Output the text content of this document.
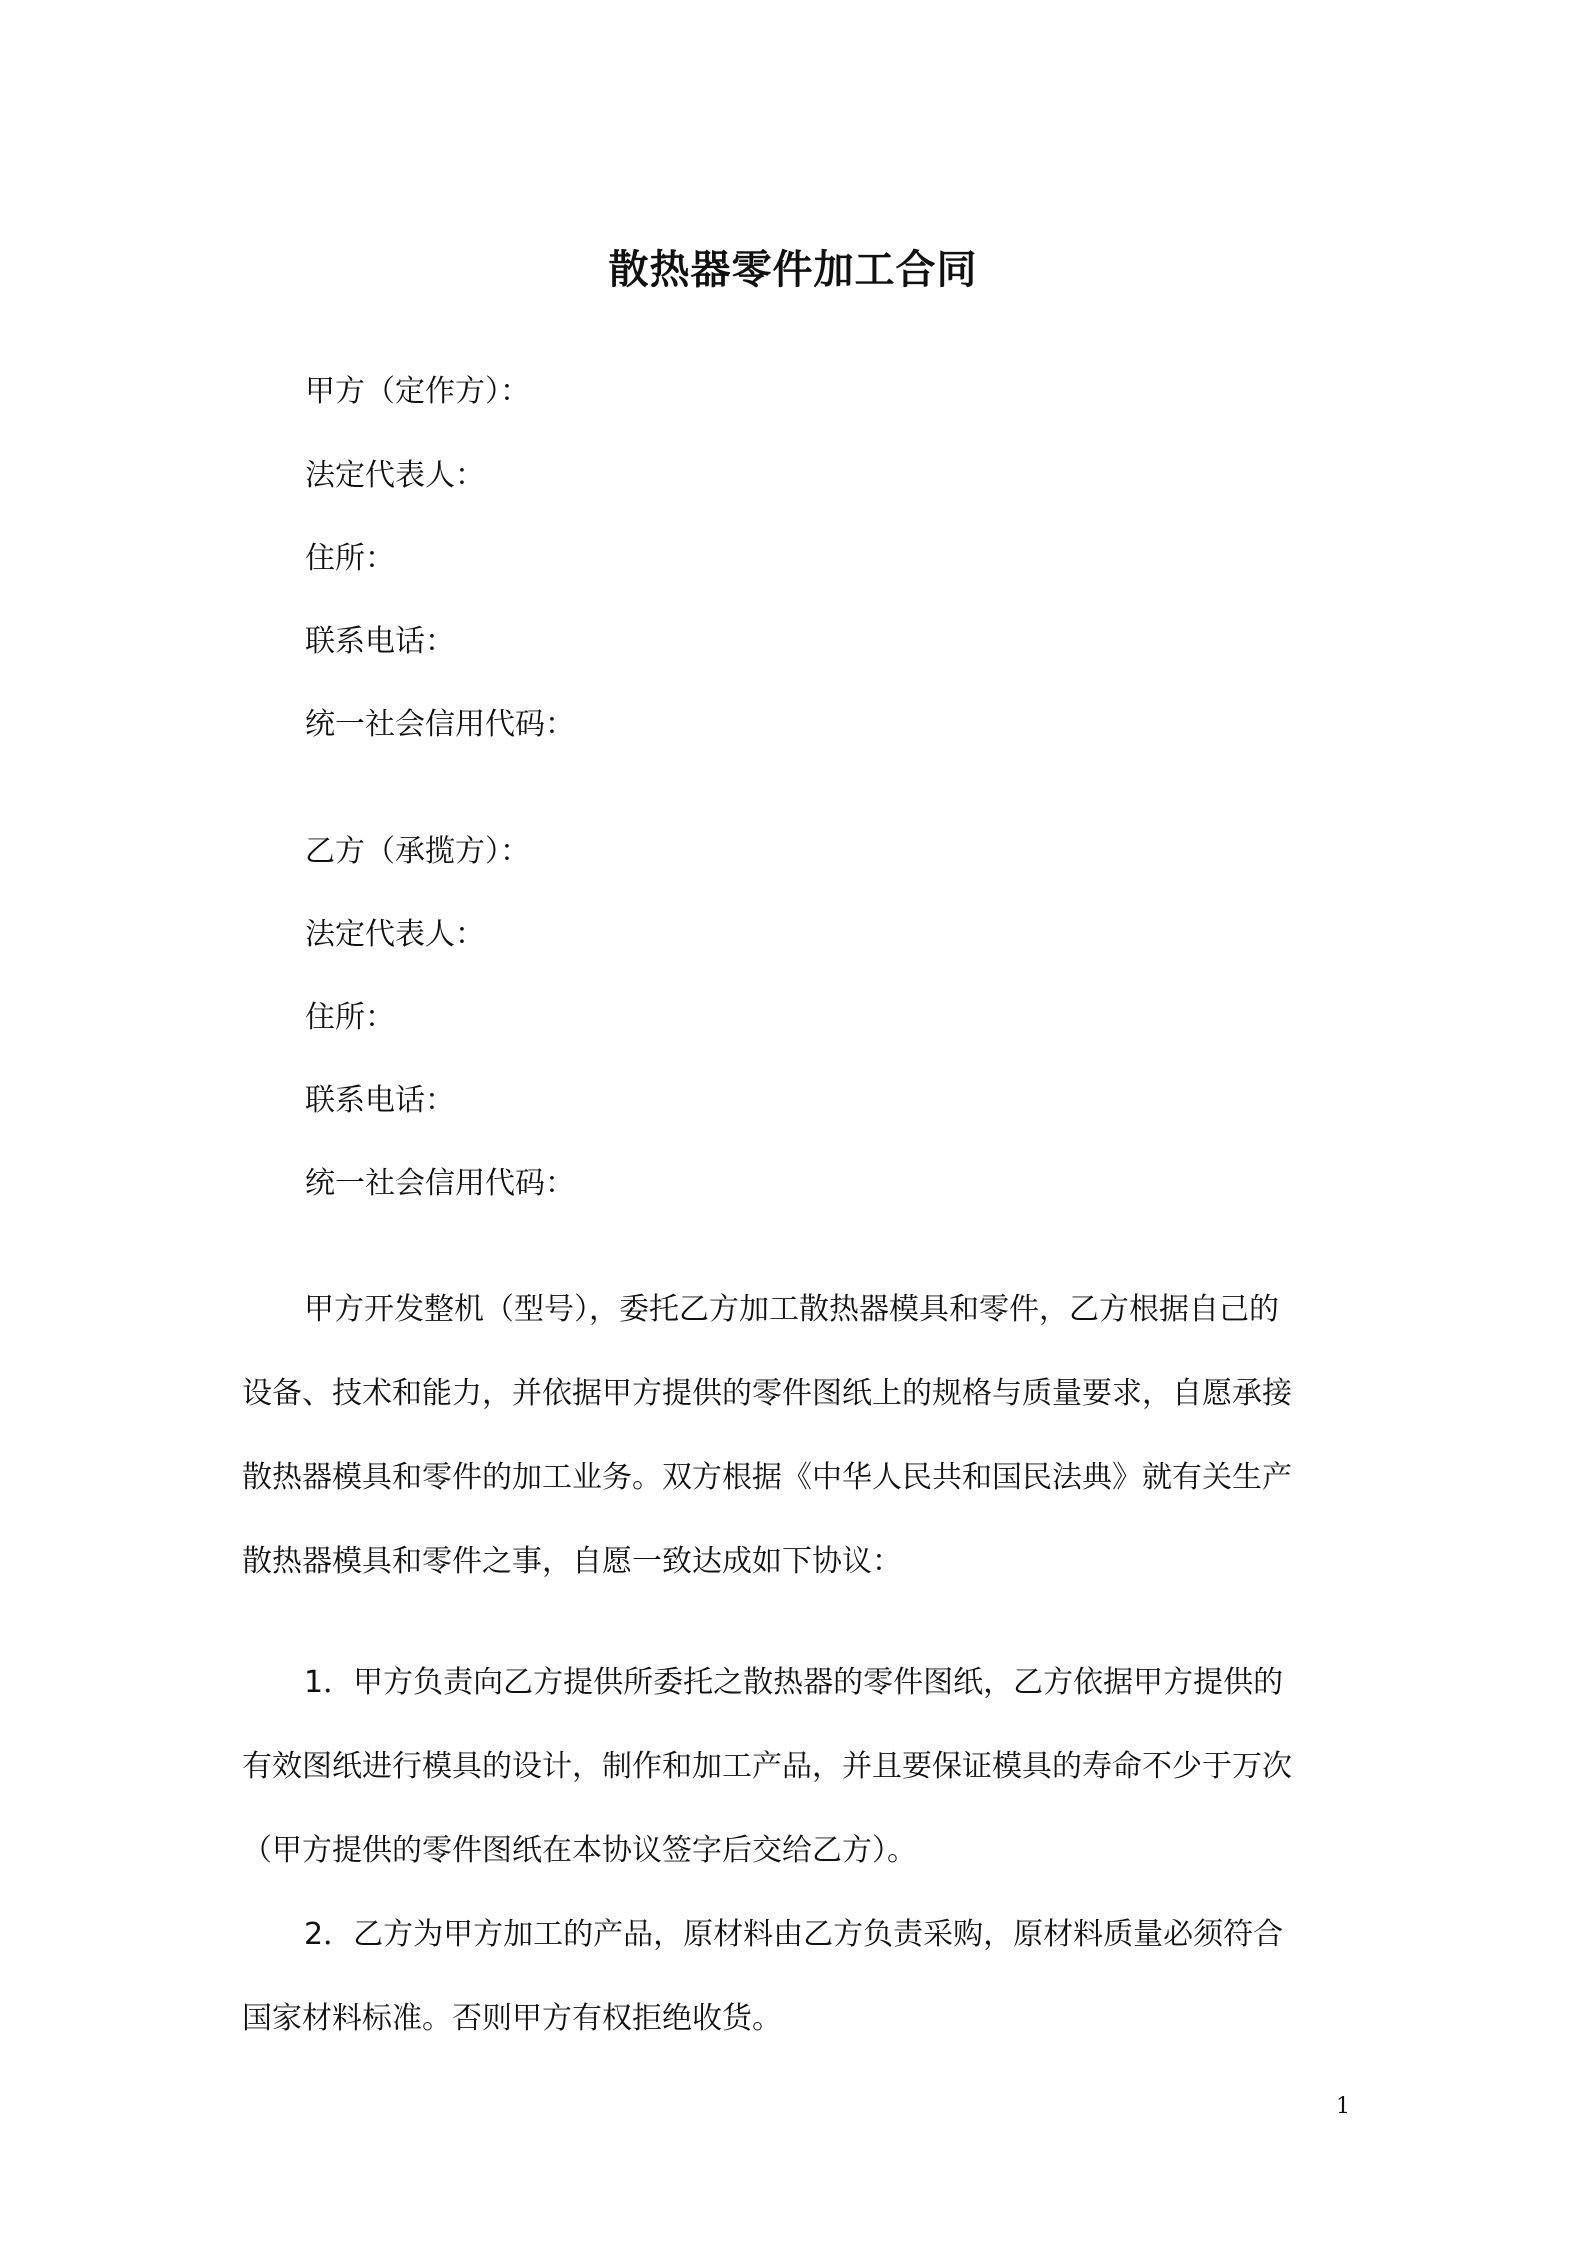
散热器零件加工合同
甲方（定作方）：
法定代表人：
住所：
联系电话：
统一社会信用代码：
乙方（承揽方）：
法定代表人：
住所：
联系电话：
统一社会信用代码：
甲方开发整机（型号），委托乙方加工散热器模具和零件，乙方根据自己的
设备、技术和能力，并依据甲方提供的零件图纸上的规格与质量要求，自愿承接
散热器模具和零件的加工业务。双方根据《中华人民共和国民法典》就有关生产
散热器模具和零件之事，自愿一致达成如下协议：
1．甲方负责向乙方提供所委托之散热器的零件图纸，乙方依据甲方提供的
有效图纸进行模具的设计，制作和加工产品，并且要保证模具的寿命不少于万次
（甲方提供的零件图纸在本协议签字后交给乙方）。
2．乙方为甲方加工的产品，原材料由乙方负责采购，原材料质量必须符合
国家材料标准。否则甲方有权拒绝收货。
1
